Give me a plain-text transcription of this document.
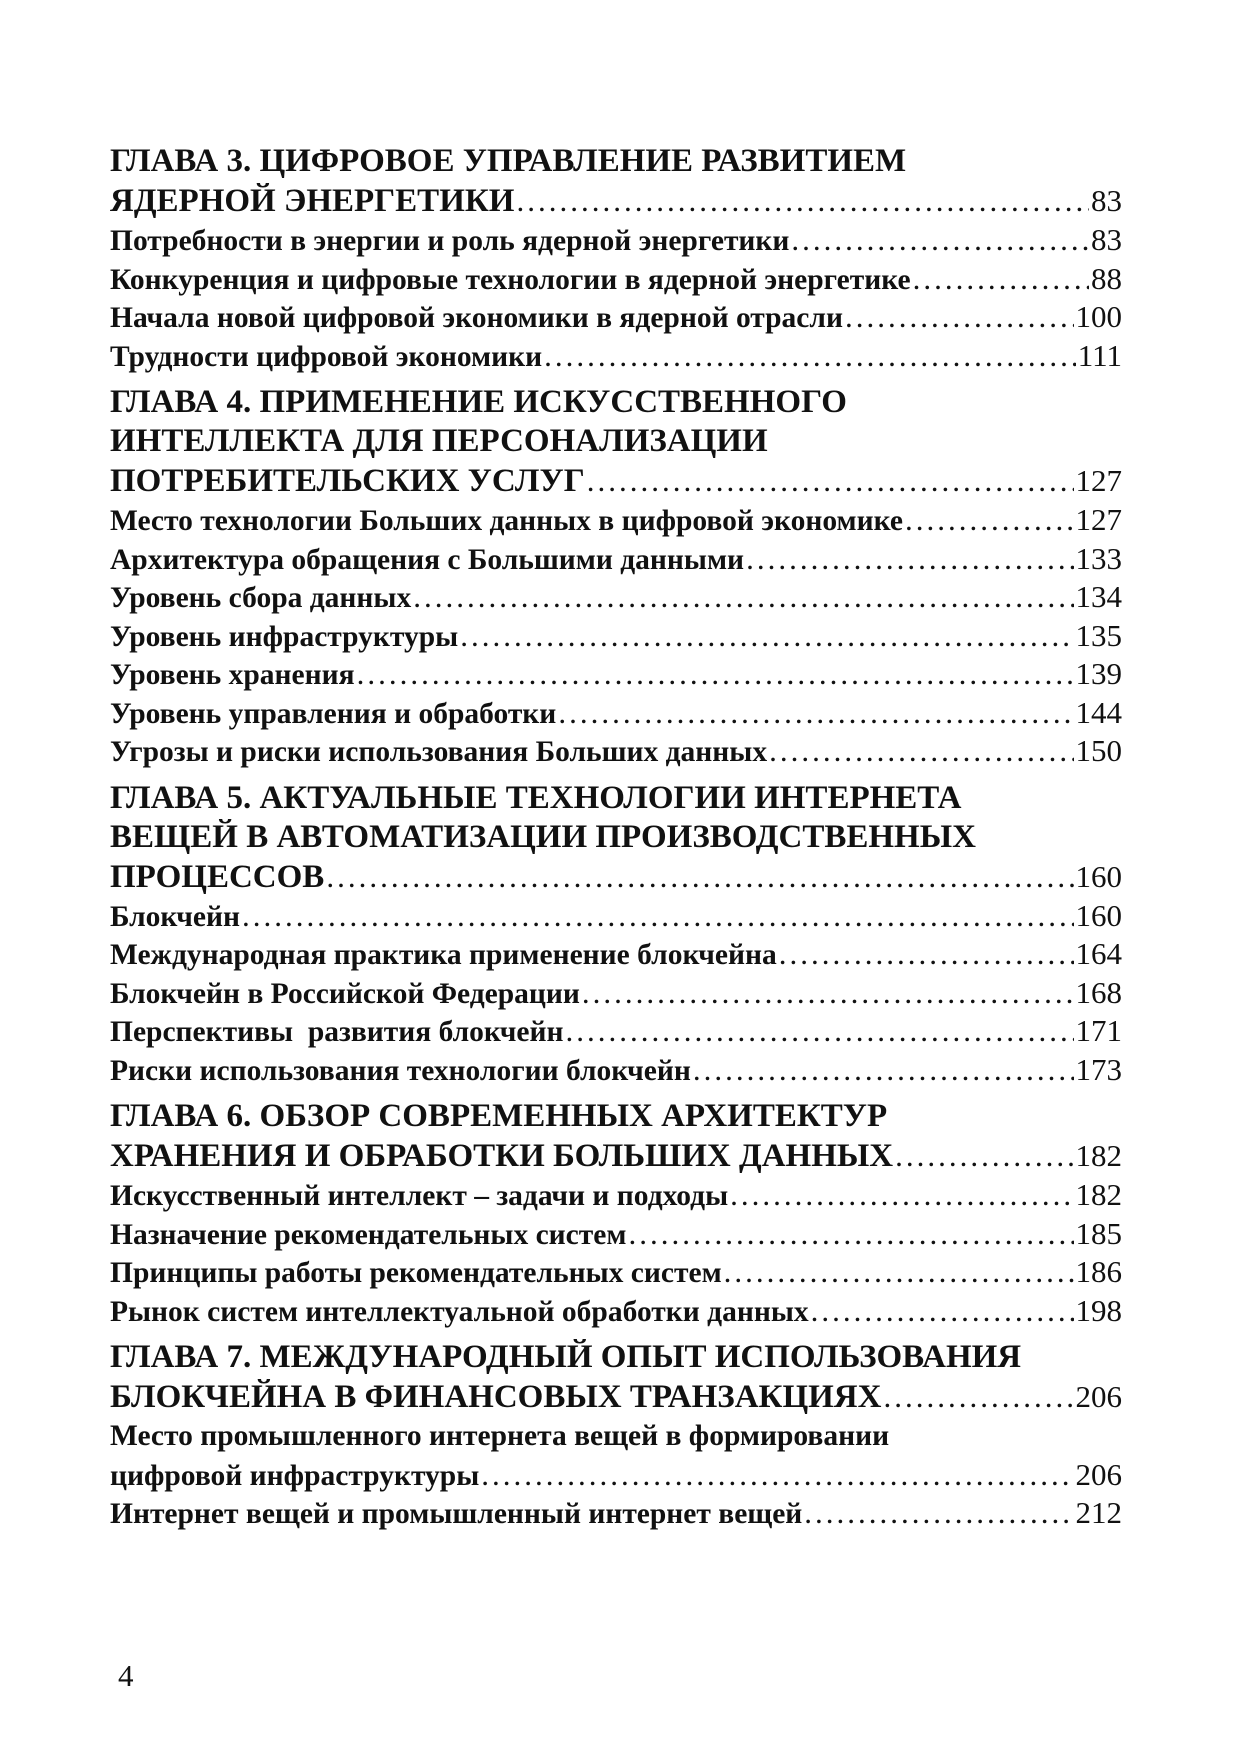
ГЛАВА 3. ЦИФРОВОЕ УПРАВЛЕНИЕ РАЗВИТИЕМ
ЯДЕРНОЙ ЭНЕРГЕТИКИ .....	83
Потребности в энергии и роль ядерной энергетики .....	83
Конкуренция и цифровые технологии в ядерной энергетике .....	88
Начала новой цифровой экономики в ядерной отрасли .....	100
Трудности цифровой экономики .....	111
ГЛАВА 4. ПРИМЕНЕНИЕ ИСКУССТВЕННОГО
ИНТЕЛЛЕКТА ДЛЯ ПЕРСОНАЛИЗАЦИИ
ПОТРЕБИТЕЛЬСКИХ УСЛУГ .....	127
Место технологии Больших данных в цифровой экономике .....	127
Архитектура обращения с Большими данными .....	133
Уровень сбора данных .....	134
Уровень инфраструктуры .....	135
Уровень хранения .....	139
Уровень управления и обработки .....	144
Угрозы и риски использования Больших данных .....	150
ГЛАВА 5. АКТУАЛЬНЫЕ ТЕХНОЛОГИИ ИНТЕРНЕТА
ВЕЩЕЙ В АВТОМАТИЗАЦИИ ПРОИЗВОДСТВЕННЫХ
ПРОЦЕССОВ .....	160
Блокчейн .....	160
Международная практика применение блокчейна .....	164
Блокчейн в Российской Федерации .....	168
Перспективы  развития блокчейн .....	171
Риски использования технологии блокчейн .....	173
ГЛАВА 6. ОБЗОР СОВРЕМЕННЫХ АРХИТЕКТУР
ХРАНЕНИЯ И ОБРАБОТКИ БОЛЬШИХ ДАННЫХ .....	182
Искусственный интеллект – задачи и подходы .....	182
Назначение рекомендательных систем .....	185
Принципы работы рекомендательных систем .....	186
Рынок систем интеллектуальной обработки данных .....	198
ГЛАВА 7. МЕЖДУНАРОДНЫЙ ОПЫТ ИСПОЛЬЗОВАНИЯ
БЛОКЧЕЙНА В ФИНАНСОВЫХ ТРАНЗАКЦИЯХ .....	206
Место промышленного интернета вещей в формировании
цифровой инфраструктуры .....	206
Интернет вещей и промышленный интернет вещей .....	212
4
